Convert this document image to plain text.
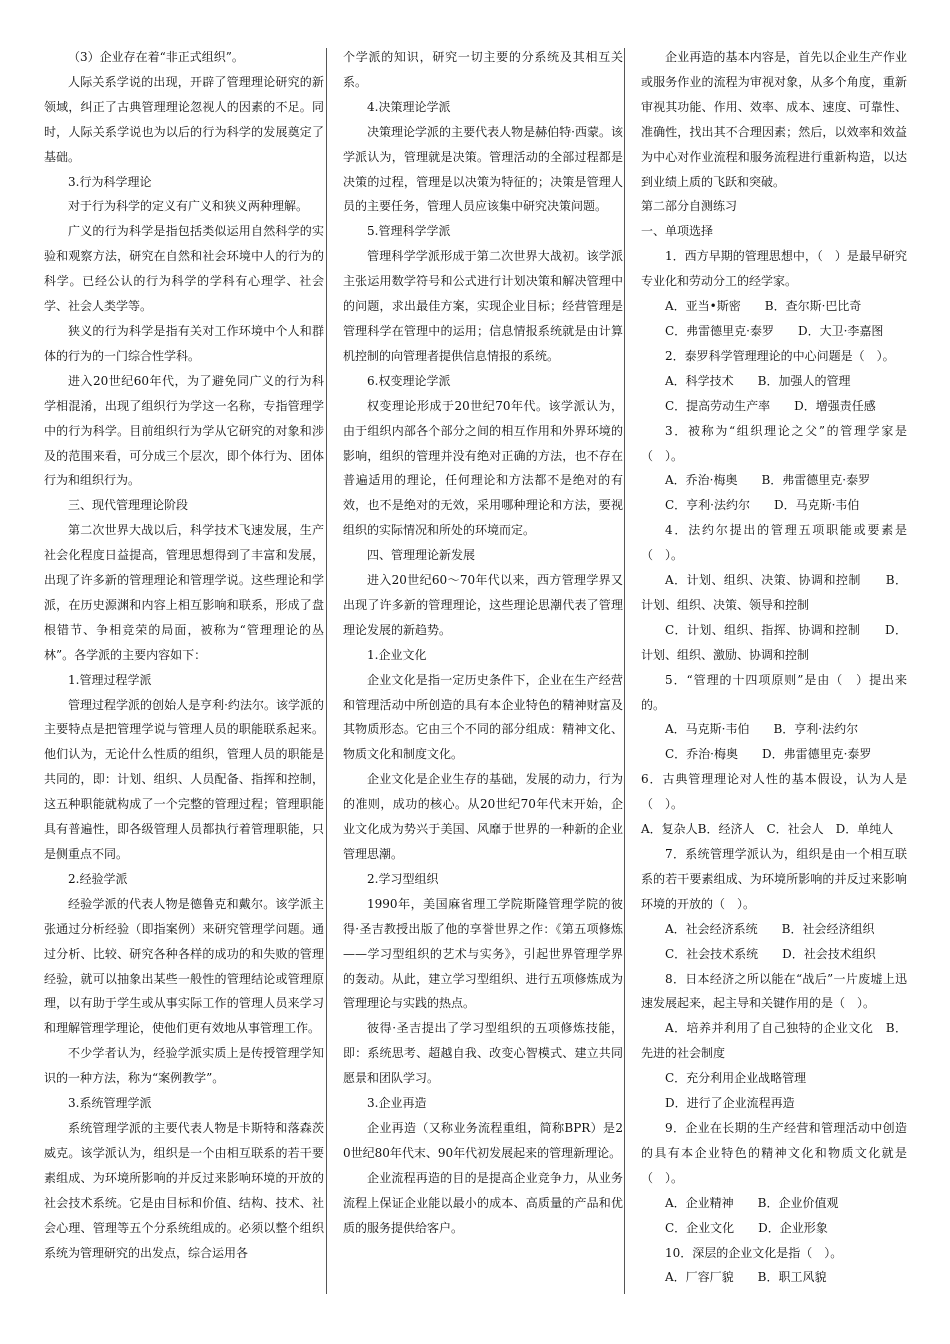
（3）企业存在着“非正式组织”。

人际关系学说的出现，开辟了管理理论研究的新领域，纠正了古典管理理论忽视人的因素的不足。同时，人际关系学说也为以后的行为科学的发展奠定了基础。

3.行为科学理论

对于行为科学的定义有广义和狭义两种理解。

广义的行为科学是指包括类似运用自然科学的实验和观察方法，研究在自然和社会环境中人的行为的科学。已经公认的行为科学的学科有心理学、社会学、社会人类学等。

狭义的行为科学是指有关对工作环境中个人和群体的行为的一门综合性学科。

进入20世纪60年代，为了避免同广义的行为科学相混淆，出现了组织行为学这一名称，专指管理学中的行为科学。目前组织行为学从它研究的对象和涉及的范围来看，可分成三个层次，即个体行为、团体行为和组织行为。

三、现代管理理论阶段

第二次世界大战以后，科学技术飞速发展，生产社会化程度日益提高，管理思想得到了丰富和发展，出现了许多新的管理理论和管理学说。这些理论和学派，在历史源渊和内容上相互影响和联系，形成了盘根错节、争相竞荣的局面，被称为“管理理论的丛林”。各学派的主要内容如下：

1.管理过程学派

管理过程学派的创始人是亨利·约法尔。该学派的主要特点是把管理学说与管理人员的职能联系起来。他们认为，无论什么性质的组织，管理人员的职能是共同的，即：计划、组织、人员配备、指挥和控制，这五种职能就构成了一个完整的管理过程；管理职能具有普遍性，即各级管理人员都执行着管理职能，只是侧重点不同。

2.经验学派

经验学派的代表人物是德鲁克和戴尔。该学派主张通过分析经验（即指案例）来研究管理学问题。通过分析、比较、研究各种各样的成功的和失败的管理经验，就可以抽象出某些一般性的管理结论或管理原理，以有助于学生或从事实际工作的管理人员来学习和理解管理学理论，使他们更有效地从事管理工作。

不少学者认为，经验学派实质上是传授管理学知识的一种方法，称为“案例教学”。

3.系统管理学派

系统管理学派的主要代表人物是卡斯特和落森茨威克。该学派认为，组织是一个由相互联系的若干要素组成、为环境所影响的并反过来影响环境的开放的社会技术系统。它是由目标和价值、结构、技术、社会心理、管理等五个分系统组成的。必须以整个组织系统为管理研究的出发点，综合运用各

个学派的知识，研究一切主要的分系统及其相互关系。

4.决策理论学派

决策理论学派的主要代表人物是赫伯特·西蒙。该学派认为，管理就是决策。管理活动的全部过程都是决策的过程，管理是以决策为特征的；决策是管理人员的主要任务，管理人员应该集中研究决策问题。

5.管理科学学派

管理科学学派形成于第二次世界大战初。该学派主张运用数学符号和公式进行计划决策和解决管理中的问题，求出最佳方案，实现企业目标；经营管理是管理科学在管理中的运用；信息情报系统就是由计算机控制的向管理者提供信息情报的系统。

6.权变理论学派

权变理论形成于20世纪70年代。该学派认为，由于组织内部各个部分之间的相互作用和外界环境的影响，组织的管理并没有绝对正确的方法，也不存在普遍适用的理论，任何理论和方法都不是绝对的有效，也不是绝对的无效，采用哪种理论和方法，要视组织的实际情况和所处的环境而定。

四、管理理论新发展

进入20世纪60～70年代以来，西方管理学界又出现了许多新的管理理论，这些理论思潮代表了管理理论发展的新趋势。

1.企业文化

企业文化是指一定历史条件下，企业在生产经营和管理活动中所创造的具有本企业特色的精神财富及其物质形态。它由三个不同的部分组成：精神文化、物质文化和制度文化。

企业文化是企业生存的基础，发展的动力，行为的准则，成功的核心。从20世纪70年代末开始，企业文化成为势兴于美国、风靡于世界的一种新的企业管理思潮。

2.学习型组织

1990年，美国麻省理工学院斯隆管理学院的彼得·圣吉教授出版了他的享誉世界之作：《第五项修炼——学习型组织的艺术与实务》，引起世界管理学界的轰动。从此，建立学习型组织、进行五项修炼成为管理理论与实践的热点。

彼得·圣吉提出了学习型组织的五项修炼技能，即：系统思考、超越自我、改变心智模式、建立共同愿景和团队学习。

3.企业再造

企业再造（又称业务流程重组，简称BPR）是20世纪80年代末、90年代初发展起来的管理新理论。

企业流程再造的目的是提高企业竞争力，从业务流程上保证企业能以最小的成本、高质量的产品和优质的服务提供给客户。

企业再造的基本内容是，首先以企业生产作业或服务作业的流程为审视对象，从多个角度，重新审视其功能、作用、效率、成本、速度、可靠性、准确性，找出其不合理因素；然后，以效率和效益为中心对作业流程和服务流程进行重新构造，以达到业绩上质的飞跃和突破。

第二部分自测练习

一、单项选择

1．西方早期的管理思想中，（　）是最早研究专业化和劳动分工的经学家。

A．亚当•斯密　　B．查尔斯·巴比奇

C．弗雷德里克·泰罗　　D．大卫·李嘉图

2．泰罗科学管理理论的中心问题是（　）。

A．科学技术　　B．加强人的管理

C．提高劳动生产率　　D．增强责任感

3．被称为“组织理论之父”的管理学家是（　）。

A．乔治·梅奥　　B．弗雷德里克·泰罗

C．亨利·法约尔　　D．马克斯·韦伯

4．法约尔提出的管理五项职能或要素是（　）。

A．计划、组织、决策、协调和控制　　B．计划、组织、决策、领导和控制

C．计划、组织、指挥、协调和控制　　D．计划、组织、激励、协调和控制

5．“管理的十四项原则”是由（　）提出来的。

A．马克斯·韦伯　　B．亨利·法约尔

C．乔治·梅奥　　D．弗雷德里克·泰罗

6．古典管理理论对人性的基本假设，认为人是（　）。

A．复杂人B．经济人　C．社会人　D．单纯人

7．系统管理学派认为，组织是由一个相互联系的若干要素组成、为环境所影响的并反过来影响环境的开放的（　）。

A．社会经济系统　　B．社会经济组织

C．社会技术系统　　D．社会技术组织

8．日本经济之所以能在“战后”一片废墟上迅速发展起来，起主导和关键作用的是（　）。

A．培养并利用了自己独特的企业文化　B．先进的社会制度

C．充分利用企业战略管理

D．进行了企业流程再造

9．企业在长期的生产经营和管理活动中创造的具有本企业特色的精神文化和物质文化就是（　）。

A．企业精神　　B．企业价值观

C．企业文化　　D．企业形象

10．深层的企业文化是指（　）。

A．厂容厂貌　　B．职工风貌
